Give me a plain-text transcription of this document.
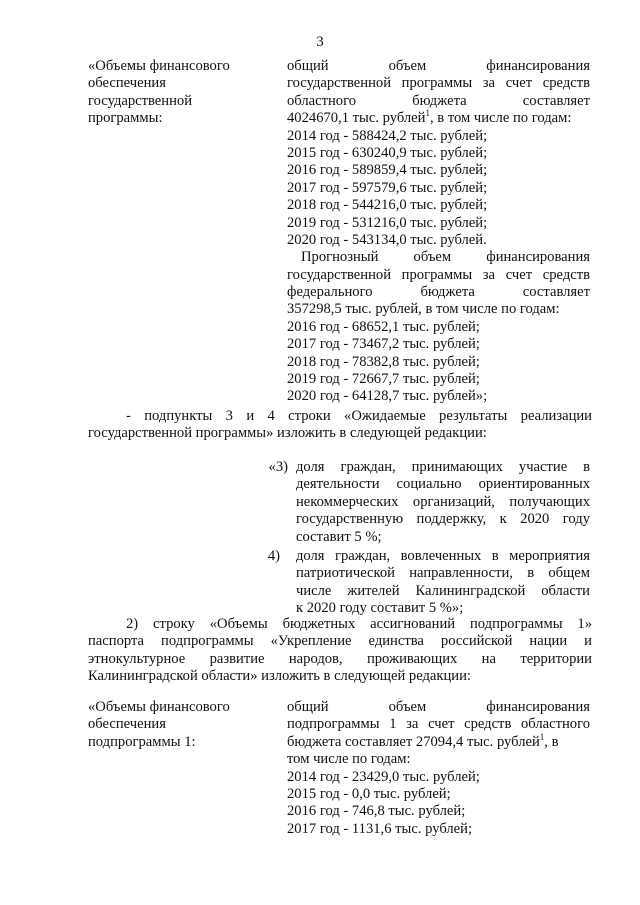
3
«Объемы финансового
обеспечения
государственной
программы:
общий объем финансирования
государственной программы за счет средств
областного бюджета составляет
4024670,1 тыс. рублей$^1$, в том числе по годам:
2014 год - 588424,2 тыс. рублей;
2015 год - 630240,9 тыс. рублей;
2016 год - 589859,4 тыс. рублей;
2017 год - 597579,6 тыс. рублей;
2018 год - 544216,0 тыс. рублей;
2019 год - 531216,0 тыс. рублей;
2020 год - 543134,0 тыс. рублей.
Прогнозный объем финансирования
государственной программы за счет средств
федерального бюджета составляет
357298,5 тыс. рублей, в том числе по годам:
2016 год - 68652,1 тыс. рублей;
2017 год - 73467,2 тыс. рублей;
2018 год - 78382,8 тыс. рублей;
2019 год - 72667,7 тыс. рублей;
2020 год - 64128,7 тыс. рублей»;
- подпункты 3 и 4 строки «Ожидаемые результаты реализации
государственной программы» изложить в следующей редакции:
«3) доля граждан, принимающих участие в
деятельности социально ориентированных
некоммерческих организаций, получающих
государственную поддержку, к 2020 году
составит 5 %;
4) доля граждан, вовлеченных в мероприятия
патриотической направленности, в общем
числе жителей Калининградской области
к 2020 году составит 5 %»;
2) строку «Объемы бюджетных ассигнований подпрограммы 1»
паспорта подпрограммы «Укрепление единства российской нации и
этнокультурное развитие народов, проживающих на территории
Калининградской области» изложить в следующей редакции:
«Объемы финансового
обеспечения
подпрограммы 1:
общий объем финансирования
подпрограммы 1 за счет средств областного
бюджета составляет 27094,4 тыс. рублей$^1$, в
том числе по годам:
2014 год - 23429,0 тыс. рублей;
2015 год - 0,0 тыс. рублей;
2016 год - 746,8 тыс. рублей;
2017 год - 1131,6 тыс. рублей;
